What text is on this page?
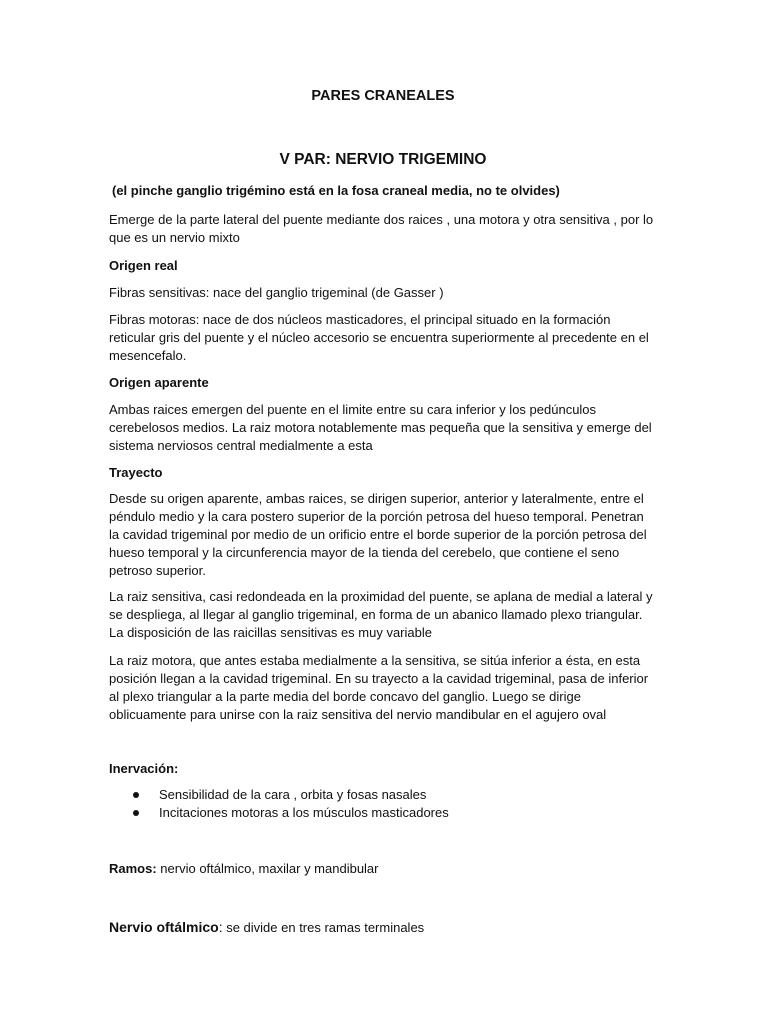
PARES CRANEALES
V PAR: NERVIO TRIGEMINO

(el pinche ganglio trigémino está en la fosa craneal media, no te olvides)

Emerge de la parte lateral del puente mediante dos raices , una motora y otra sensitiva , por lo que es un nervio mixto

Origen real

Fibras sensitivas: nace del ganglio trigeminal (de Gasser )

Fibras motoras: nace de dos núcleos masticadores, el principal situado en la formación reticular gris del puente y el núcleo accesorio se encuentra superiormente al precedente en el mesencefalo.

Origen aparente

Ambas raices emergen del puente en el limite entre su cara inferior y los pedúnculos cerebelosos medios. La raiz motora notablemente mas pequeña que la sensitiva y emerge del sistema nerviosos central medialmente a esta

Trayecto

Desde su origen aparente, ambas raices, se dirigen superior, anterior y lateralmente, entre el péndulo medio y la cara postero superior de la porción petrosa del hueso temporal. Penetran la cavidad trigeminal por medio de un orificio entre el borde superior de la porción petrosa del hueso temporal y la circunferencia mayor de la tienda del cerebelo, que contiene el seno petroso superior.

La raiz sensitiva, casi redondeada en la proximidad del puente, se aplana de medial a lateral y se despliega, al llegar al ganglio trigeminal, en forma de un abanico llamado plexo triangular. La disposición de las raicillas sensitivas es muy variable

La raiz motora, que antes estaba medialmente a la sensitiva, se sitúa inferior a ésta, en esta posición llegan a la cavidad trigeminal. En su trayecto a la cavidad trigeminal, pasa de inferior al plexo triangular a la parte media del borde concavo del ganglio. Luego se dirige oblicuamente para unirse con la raiz sensitiva del nervio mandibular en el agujero oval

Inervación:

Sensibilidad de la cara , orbita y fosas nasales
Incitaciones motoras a los músculos masticadores

Ramos: nervio oftálmico, maxilar y mandibular

Nervio oftálmico: se divide en tres ramas terminales
